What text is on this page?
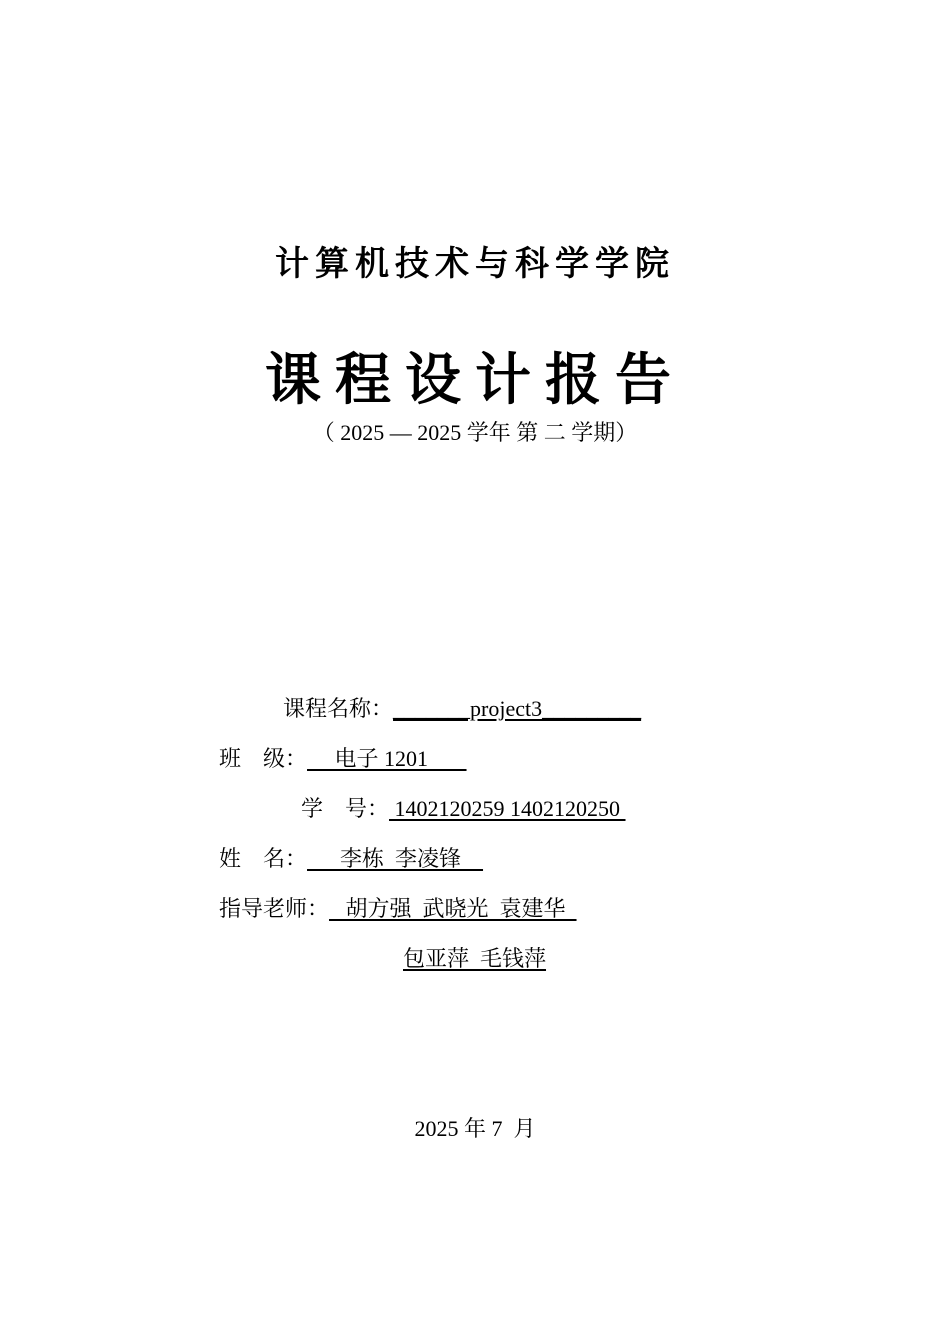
计算机技术与科学学院
课程设计报告
（ 2025 — 2025 学年 第 二 学期）

课程名称：_______project3_________

班    级：     电子 1201

学    号： 1402120259 1402120250

姓    名：      李栋  李凌锋

指导老师：   胡方强  武晓光  袁建华

包亚萍  毛钱萍

2025 年 7  月
